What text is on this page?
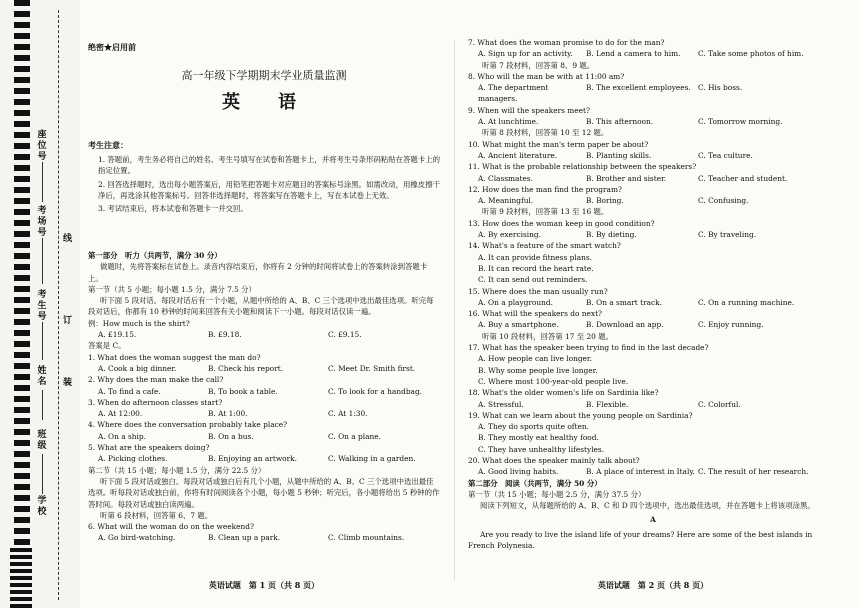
座位号
考场号
考生号
姓名
班级
学校
线
订
装
绝密★启用前
高一年级下学期期末学业质量监测
英　语
考生注意：
1. 答题前，考生务必将自己的姓名、考生号填写在试卷和答题卡上，并将考生号条形码粘贴在答题卡上的指定位置。
2. 回答选择题时，选出每小题答案后，用铅笔把答题卡对应题目的答案标号涂黑。如需改动，用橡皮擦干净后，再选涂其他答案标号。回答非选择题时，将答案写在答题卡上，写在本试卷上无效。
3. 考试结束后，将本试卷和答题卡一并交回。
第一部分　听力（共两节，满分 30 分）
做题时，先将答案标在试卷上。录音内容结束后，你将有 2 分钟的时间将试卷上的答案转涂到答题卡上。
第一节（共 5 小题；每小题 1.5 分，满分 7.5 分）
听下面 5 段对话。每段对话后有一个小题，从题中所给的 A、B、C 三个选项中选出最佳选项。听完每段对话后，你都有 10 秒钟的时间来回答有关小题和阅读下一小题。每段对话仅读一遍。
例：How much is the shirt?
A. £19.15.	B. £9.18.	C. £9.15.
答案是 C。
1. What does the woman suggest the man do?
A. Cook a big dinner.	B. Check his report.	C. Meet Dr. Smith first.
2. Why does the man make the call?
A. To find a cafe.	B. To book a table.	C. To look for a handbag.
3. When do afternoon classes start?
A. At 12:00.	B. At 1:00.	C. At 1:30.
4. Where does the conversation probably take place?
A. On a ship.	B. On a bus.	C. On a plane.
5. What are the speakers doing?
A. Picking clothes.	B. Enjoying an artwork.	C. Walking in a garden.
第二节（共 15 小题；每小题 1.5 分，满分 22.5 分）
听下面 5 段对话或独白。每段对话或独白后有几个小题，从题中所给的 A、B、C 三个选项中选出最佳选项。听每段对话或独白前，你将有时间阅读各个小题，每小题 5 秒钟；听完后，各小题将给出 5 秒钟的作答时间。每段对话或独白读两遍。
听第 6 段材料，回答第 6、7 题。
6. What will the woman do on the weekend?
A. Go bird-watching.	B. Clean up a park.	C. Climb mountains.
英语试题　第 1 页（共 8 页）
7. What does the woman promise to do for the man?
A. Sign up for an activity.	B. Lend a camera to him.	C. Take some photos of him.
听第 7 段材料，回答第 8、9 题。
8. Who will the man be with at 11:00 am?
A. The department managers.
B. The excellent employees. C. His boss.
9. When will the speakers meet?
A. At lunchtime.	B. This afternoon.	C. Tomorrow morning.
听第 8 段材料，回答第 10 至 12 题。
10. What might the man's term paper be about?
A. Ancient literature.	B. Planting skills.	C. Tea culture.
11. What is the probable relationship between the speakers?
A. Classmates.	B. Brother and sister.	C. Teacher and student.
12. How does the man find the program?
A. Meaningful.	B. Boring.	C. Confusing.
听第 9 段材料，回答第 13 至 16 题。
13. How does the woman keep in good condition?
A. By exercising.	B. By dieting.	C. By traveling.
14. What's a feature of the smart watch?
A. It can provide fitness plans.
B. It can record the heart rate.
C. It can send out reminders.
15. Where does the man usually run?
A. On a playground.	B. On a smart track.	C. On a running machine.
16. What will the speakers do next?
A. Buy a smartphone.	B. Download an app.	C. Enjoy running.
听第 10 段材料，回答第 17 至 20 题。
17. What has the speaker been trying to find in the last decade?
A. How people can live longer.
B. Why some people live longer.
C. Where most 100-year-old people live.
18. What's the older women's life on Sardinia like?
A. Stressful.	B. Flexible.	C. Colorful.
19. What can we learn about the young people on Sardinia?
A. They do sports quite often.
B. They mostly eat healthy food.
C. They have unhealthy lifestyles.
20. What does the speaker mainly talk about?
A. Good living habits.	B. A place of interest in Italy. C. The result of her research.
第二部分　阅读（共两节，满分 50 分）
第一节（共 15 小题；每小题 2.5 分，满分 37.5 分）
阅读下列短文，从每题所给的 A、B、C 和 D 四个选项中，选出最佳选项，并在答题卡上将该项涂黑。
A
Are you ready to live the island life of your dreams? Here are some of the best islands in French Polynesia.
英语试题　第 2 页（共 8 页）
